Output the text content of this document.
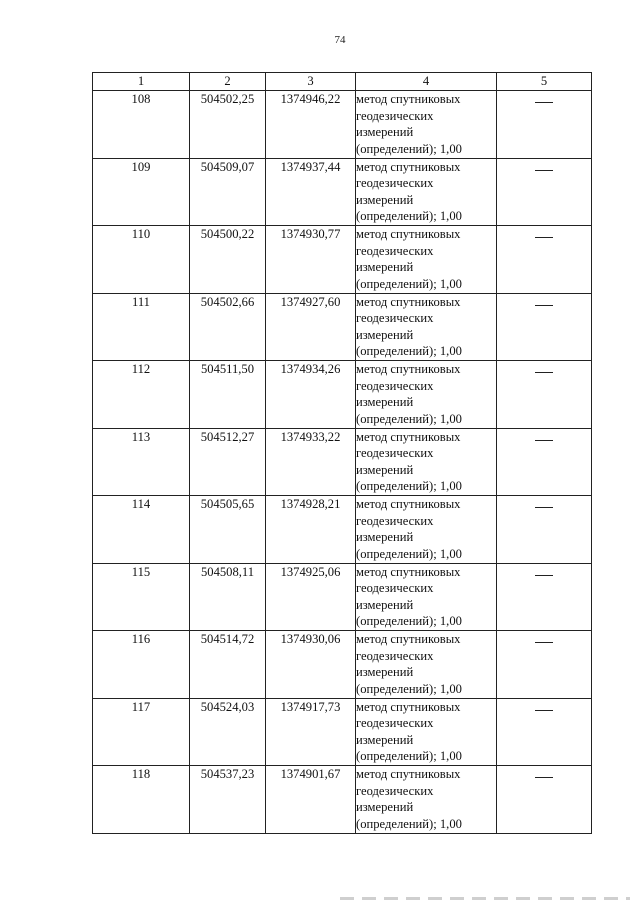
74
1	2	3	4	5
108	504502,25	1374946,22	метод спутниковых
геодезических
измерений
(определений); 1,00	

109	504509,07	1374937,44	метод спутниковых
геодезических
измерений
(определений); 1,00	

110	504500,22	1374930,77	метод спутниковых
геодезических
измерений
(определений); 1,00	

111	504502,66	1374927,60	метод спутниковых
геодезических
измерений
(определений); 1,00	

112	504511,50	1374934,26	метод спутниковых
геодезических
измерений
(определений); 1,00	

113	504512,27	1374933,22	метод спутниковых
геодезических
измерений
(определений); 1,00	

114	504505,65	1374928,21	метод спутниковых
геодезических
измерений
(определений); 1,00	

115	504508,11	1374925,06	метод спутниковых
геодезических
измерений
(определений); 1,00	

116	504514,72	1374930,06	метод спутниковых
геодезических
измерений
(определений); 1,00	

117	504524,03	1374917,73	метод спутниковых
геодезических
измерений
(определений); 1,00	

118	504537,23	1374901,67	метод спутниковых
геодезических
измерений
(определений); 1,00	
